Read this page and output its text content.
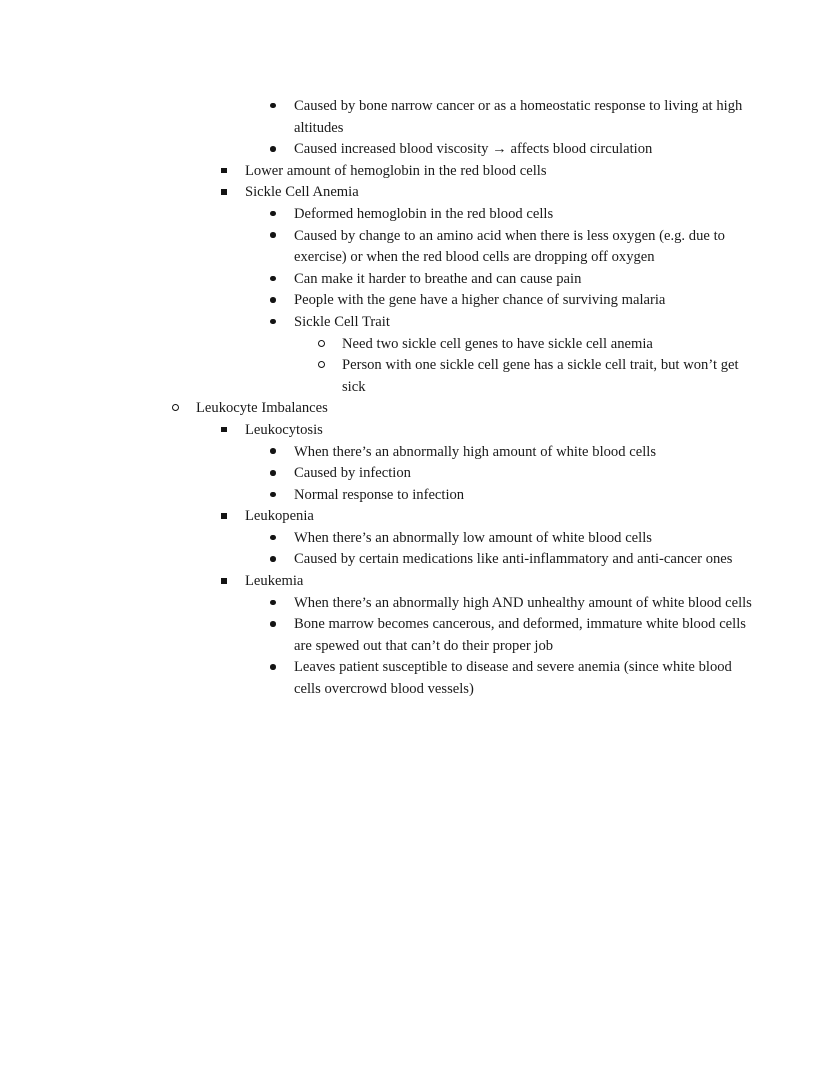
Caused by bone narrow cancer or as a homeostatic response to living at high altitudes
Caused increased blood viscosity → affects blood circulation
Lower amount of hemoglobin in the red blood cells
Sickle Cell Anemia
Deformed hemoglobin in the red blood cells
Caused by change to an amino acid when there is less oxygen (e.g. due to exercise) or when the red blood cells are dropping off oxygen
Can make it harder to breathe and can cause pain
People with the gene have a higher chance of surviving malaria
Sickle Cell Trait
Need two sickle cell genes to have sickle cell anemia
Person with one sickle cell gene has a sickle cell trait, but won’t get sick
Leukocyte Imbalances
Leukocytosis
When there’s an abnormally high amount of white blood cells
Caused by infection
Normal response to infection
Leukopenia
When there’s an abnormally low amount of white blood cells
Caused by certain medications like anti-inflammatory and anti-cancer ones
Leukemia
When there’s an abnormally high AND unhealthy amount of white blood cells
Bone marrow becomes cancerous, and deformed, immature white blood cells are spewed out that can’t do their proper job
Leaves patient susceptible to disease and severe anemia (since white blood cells overcrowd blood vessels)
